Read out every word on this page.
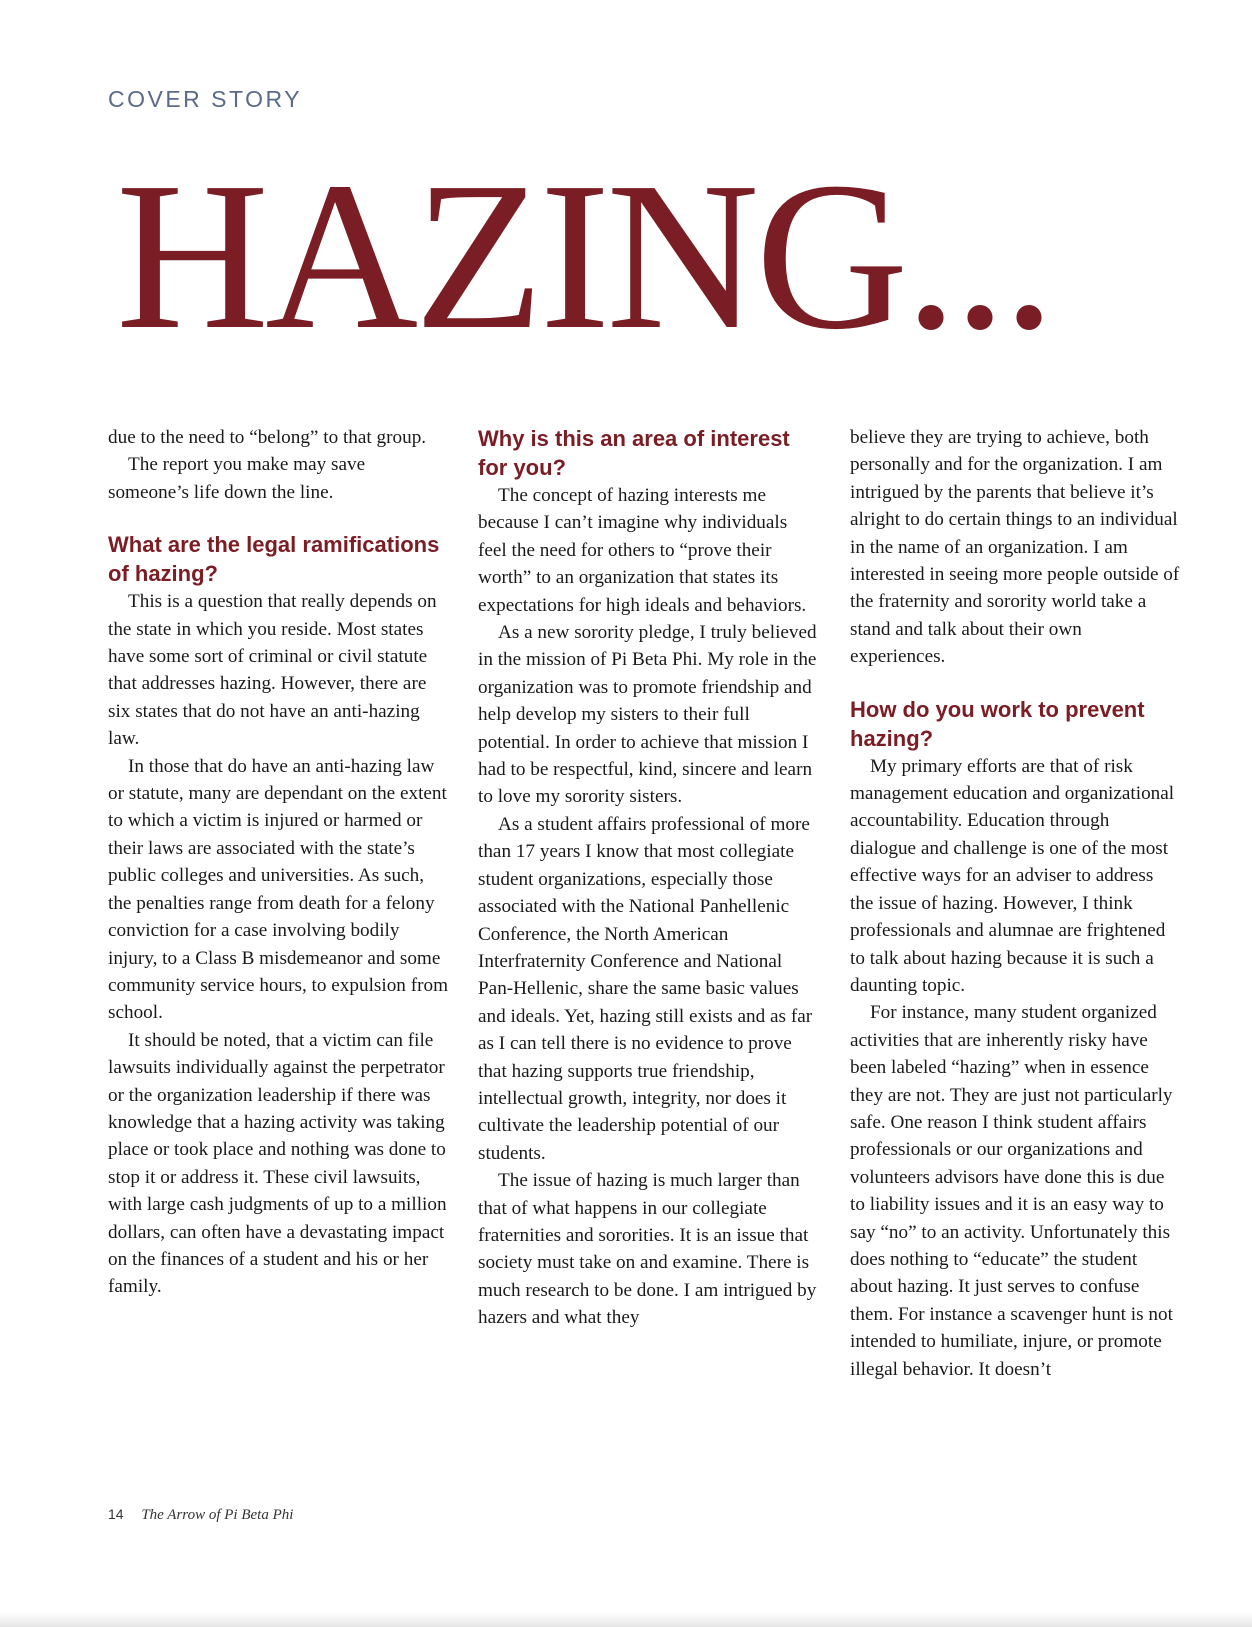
COVER STORY
HAZING...

due to the need to “belong” to that group.

The report you make may save someone’s life down the line.

What are the legal ramifications of hazing?

This is a question that really depends on the state in which you reside. Most states have some sort of criminal or civil statute that addresses hazing. However, there are six states that do not have an anti-hazing law.

In those that do have an anti-hazing law or statute, many are dependant on the extent to which a victim is injured or harmed or their laws are associated with the state’s public colleges and universities. As such, the penalties range from death for a felony conviction for a case involving bodily injury, to a Class B misdemeanor and some community service hours, to expulsion from school.

It should be noted, that a victim can file lawsuits individually against the perpetrator or the organization leadership if there was knowledge that a hazing activity was taking place or took place and nothing was done to stop it or address it. These civil lawsuits, with large cash judgments of up to a million dollars, can often have a devastating impact on the finances of a student and his or her family.

Why is this an area of interest for you?

The concept of hazing interests me because I can’t imagine why individuals feel the need for others to “prove their worth” to an organization that states its expectations for high ideals and behaviors.

As a new sorority pledge, I truly believed in the mission of Pi Beta Phi. My role in the organization was to promote friendship and help develop my sisters to their full potential. In order to achieve that mission I had to be respectful, kind, sincere and learn to love my sorority sisters.

As a student affairs professional of more than 17 years I know that most collegiate student organizations, especially those associated with the National Panhellenic Conference, the North American Interfraternity Conference and National Pan-Hellenic, share the same basic values and ideals. Yet, hazing still exists and as far as I can tell there is no evidence to prove that hazing supports true friendship, intellectual growth, integrity, nor does it cultivate the leadership potential of our students.

The issue of hazing is much larger than that of what happens in our collegiate fraternities and sororities. It is an issue that society must take on and examine. There is much research to be done. I am intrigued by hazers and what they

believe they are trying to achieve, both personally and for the organization. I am intrigued by the parents that believe it’s alright to do certain things to an individual in the name of an organization. I am interested in seeing more people outside of the fraternity and sorority world take a stand and talk about their own experiences.

How do you work to prevent hazing?

My primary efforts are that of risk management education and organizational accountability. Education through dialogue and challenge is one of the most effective ways for an adviser to address the issue of hazing. However, I think professionals and alumnae are frightened to talk about hazing because it is such a daunting topic.

For instance, many student organized activities that are inherently risky have been labeled “hazing” when in essence they are not. They are just not particularly safe. One reason I think student affairs professionals or our organizations and volunteers advisors have done this is due to liability issues and it is an easy way to say “no” to an activity. Unfortunately this does nothing to “educate” the student about hazing. It just serves to confuse them. For instance a scavenger hunt is not intended to humiliate, injure, or promote illegal behavior. It doesn’t

14 The Arrow of Pi Beta Phi
